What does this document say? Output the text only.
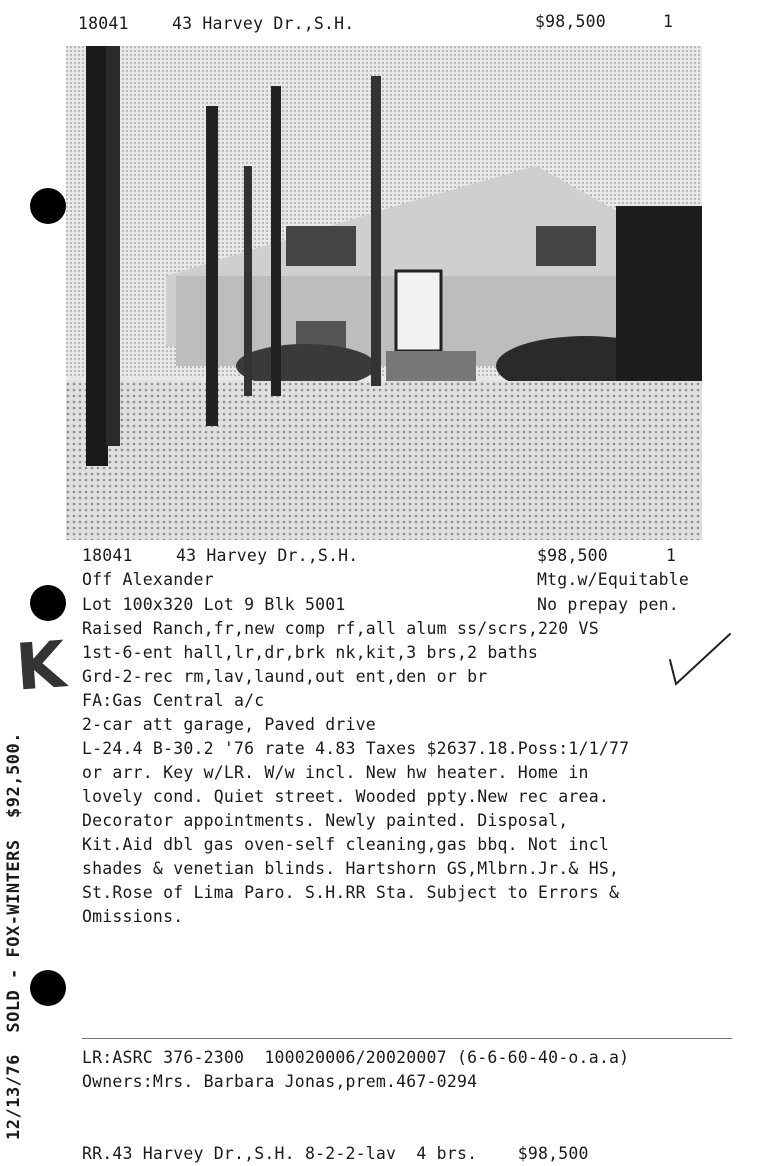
18041	43 Harvey Dr.,S.H.	$98,500	1
18041	43 Harvey Dr.,S.H.	$98,500	1
Off Alexander	Mtg.w/Equitable
Lot 100x320 Lot 9 Blk 5001	No prepay pen.
Raised Ranch,fr,new comp rf,all alum ss/scrs,220 VS
1st-6-ent hall,lr,dr,brk nk,kit,3 brs,2 baths
Grd-2-rec rm,lav,laund,out ent,den or br
FA:Gas Central a/c
2-car att garage, Paved drive
L-24.4 B-30.2 '76 rate 4.83 Taxes $2637.18.Poss:1/1/77
or arr. Key w/LR. W/w incl. New hw heater. Home in
lovely cond. Quiet street. Wooded ppty.New rec area.
Decorator appointments. Newly painted. Disposal,
Kit.Aid dbl gas oven-self cleaning,gas bbq. Not incl
shades & venetian blinds. Hartshorn GS,Mlbrn.Jr.& HS,
St.Rose of Lima Paro. S.H.RR Sta. Subject to Errors &
Omissions.
K
12/13/76  SOLD - FOX-WINTERS  $92,500.	LR:ASRC 376-2300  100020006/20020007 (6-6-60-40-o.a.a)
Owners:Mrs. Barbara Jonas,prem.467-0294
RR.43 Harvey Dr.,S.H. 8-2-2-lav  4 brs.    $98,500
